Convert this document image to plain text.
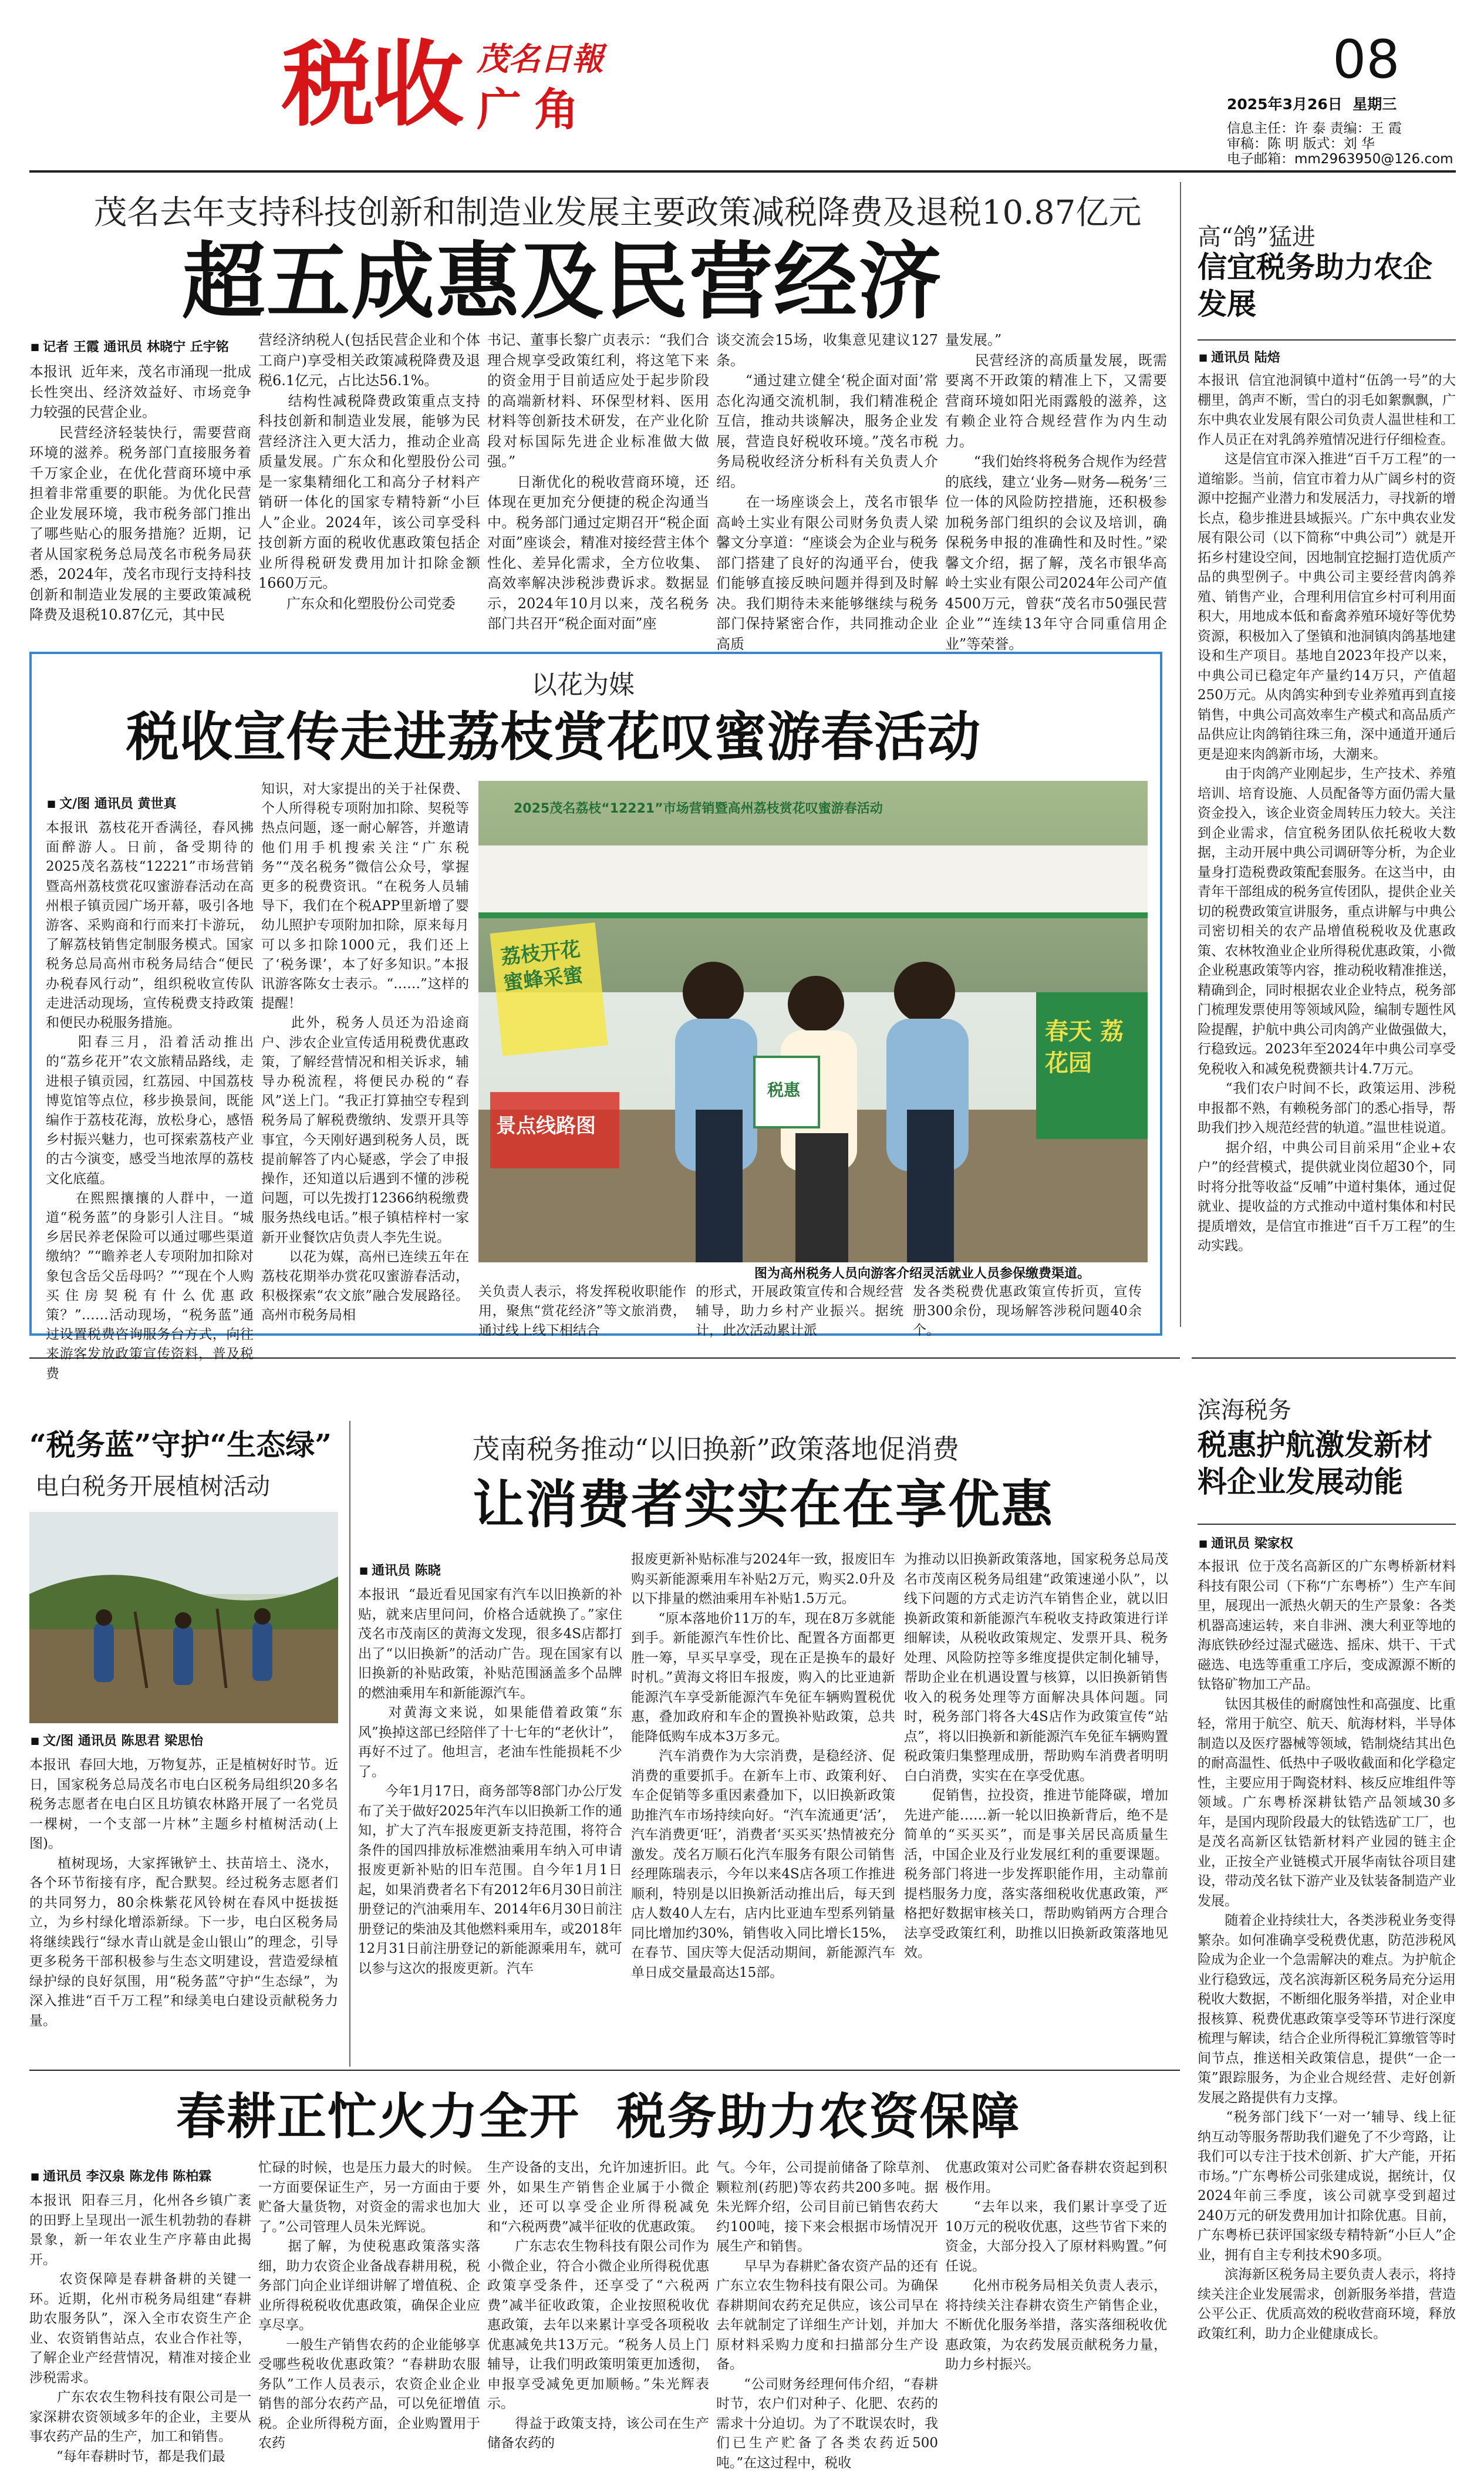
税收 茂名日報
广角
08
2025年3月26日 星期三
信息主任：许 泰 责编：王 霞
审稿：陈 明 版式：刘 华
电子邮箱：mm2963950@126.com
茂名去年支持科技创新和制造业发展主要政策减税降费及退税10.87亿元
超五成惠及民营经济
■ 记者 王霞 通讯员 林晓宁 丘宇铭
本报讯  近年来，茂名市涌现一批成长性突出、经济效益好、市场竞争力较强的民营企业。
　　民营经济轻装快行，需要营商环境的滋养。税务部门直接服务着千万家企业，在优化营商环境中承担着非常重要的职能。为优化民营企业发展环境，我市税务部门推出了哪些贴心的服务措施？近期，记者从国家税务总局茂名市税务局获悉，2024年，茂名市现行支持科技创新和制造业发展的主要政策减税降费及退税10.87亿元，其中民
营经济纳税人(包括民营企业和个体工商户)享受相关政策减税降费及退税6.1亿元，占比达56.1%。
　　结构性减税降费政策重点支持科技创新和制造业发展，能够为民营经济注入更大活力，推动企业高质量发展。广东众和化塑股份公司是一家集精细化工和高分子材料产销研一体化的国家专精特新“小巨人”企业。2024年，该公司享受科技创新方面的税收优惠政策包括企业所得税研发费用加计扣除金额1660万元。
　　广东众和化塑股份公司党委
书记、董事长黎广贞表示：“我们合理合规享受政策红利，将这笔下来的资金用于目前适应处于起步阶段的高端新材料、环保型材料、医用材料等创新技术研发，在产业化阶段对标国际先进企业标准做大做强。”
　　日渐优化的税收营商环境，还体现在更加充分便捷的税企沟通当中。税务部门通过定期召开“税企面对面”座谈会，精准对接经营主体个性化、差异化需求，全方位收集、高效率解决涉税涉费诉求。数据显示，2024年10月以来，茂名税务部门共召开“税企面对面”座
谈交流会15场，收集意见建议127条。
　　“通过建立健全‘税企面对面’常态化沟通交流机制，我们精准税企互信，推动共谈解决，服务企业发展，营造良好税收环境。”茂名市税务局税收经济分析科有关负责人介绍。
　　在一场座谈会上，茂名市银华高岭土实业有限公司财务负责人梁馨文分享道：“座谈会为企业与税务部门搭建了良好的沟通平台，使我们能够直接反映问题并得到及时解决。我们期待未来能够继续与税务部门保持紧密合作，共同推动企业高质
量发展。”
　　民营经济的高质量发展，既需要离不开政策的精准上下，又需要营商环境如阳光雨露般的滋养，这有赖企业符合规经营作为内生动力。
　　“我们始终将税务合规作为经营的底线，建立‘业务—财务—税务’三位一体的风险防控措施，还积极参加税务部门组织的会议及培训，确保税务申报的准确性和及时性。”梁馨文介绍，据了解，茂名市银华高岭土实业有限公司2024年公司产值4500万元，曾获“茂名市50强民营企业”“连续13年守合同重信用企业”等荣誉。
以花为媒
税收宣传走进荔枝赏花叹蜜游春活动
■ 文/图 通讯员 黄世真
本报讯  荔枝花开香满径，春风拂面醉游人。日前，备受期待的2025茂名荔枝“12221”市场营销暨高州荔枝赏花叹蜜游春活动在高州根子镇贡园广场开幕，吸引各地游客、采购商和行而来打卡游玩，了解荔枝销售定制服务模式。国家税务总局高州市税务局结合“便民办税春风行动”，组织税收宣传队走进活动现场，宣传税费支持政策和便民办税服务措施。
　　阳春三月，沿着活动推出的“荔乡花开”农文旅精品路线，走进根子镇贡园，红荔园、中国荔枝博览馆等点位，移步换景间，既能编作于荔枝花海，放松身心，感悟乡村振兴魅力，也可探索荔枝产业的古今演变，感受当地浓厚的荔枝文化底蕴。
　　在熙熙攘攘的人群中，一道道“税务蓝”的身影引人注目。“城乡居民养老保险可以通过哪些渠道缴纳？”“瞻养老人专项附加扣除对象包含岳父岳母吗？”“现在个人购买住房契税有什么优惠政策？”……活动现场，“税务蓝”通过设置税费咨询服务台方式，向往来游客发放政策宣传资料，普及税费
知识，对大家提出的关于社保费、个人所得税专项附加扣除、契税等热点问题，逐一耐心解答，并邀请他们用手机搜索关注“广东税务”“茂名税务”微信公众号，掌握更多的税费资讯。“在税务人员辅导下，我们在个税APP里新增了婴幼儿照护专项附加扣除，原来每月可以多扣除1000元，我们还上了‘税务课’，本了好多知识。”本报讯游客陈女士表示。“……”这样的提醒！
　　此外，税务人员还为沿途商户、涉农企业宣传适用税费优惠政策，了解经营情况和相关诉求，辅导办税流程，将便民办税的“春风”送上门。“我正打算抽空专程到税务局了解税费缴纳、发票开具等事宜，今天刚好遇到税务人员，既提前解答了内心疑惑，学会了申报操作，还知道以后遇到不懂的涉税问题，可以先拨打12366纳税缴费服务热线电话。”根子镇桔梓村一家新开业餐饮店负责人李先生说。
　　以花为媒，高州已连续五年在荔枝花期举办赏花叹蜜游春活动，积极探索“农文旅”融合发展路径。高州市税务局相
关负责人表示，将发挥税收职能作用，聚焦“赏花经济”等文旅消费，通过线上线下相结合
的形式，开展政策宣传和合规经营辅导，助力乡村产业振兴。据统计，此次活动累计派
发各类税费优惠政策宣传折页，宣传册300余份，现场解答涉税问题40余个。
2025茂名荔枝“12221”市场营销暨高州荔枝赏花叹蜜游春活动
荔枝开花 蜜蜂采蜜
春天 荔花园
景点线路图
税惠
图为高州税务人员向游客介绍灵活就业人员参保缴费渠道。
高“鸽”猛进
信宜税务助力农企发展
■ 通讯员 陆焙
本报讯  信宜池洞镇中道村“伍鸽一号”的大棚里，鸽声不断，雪白的羽毛如絮飘飘，广东中典农业发展有限公司负责人温世桂和工作人员正在对乳鸽养殖情况进行仔细检查。
　　这是信宜市深入推进“百千万工程”的一道缩影。当前，信宜市着力从广阔乡村的资源中挖掘产业潜力和发展活力，寻找新的增长点，稳步推进县域振兴。广东中典农业发展有限公司（以下简称“中典公司”）就是开拓乡村建设空间，因地制宜挖掘打造优质产品的典型例子。中典公司主要经营肉鸽养殖、销售产业，合理利用信宜乡村可利用面积大，用地成本低和畜禽养殖环境好等优势资源，积极加入了堡镇和池洞镇肉鸽基地建设和生产项目。基地自2023年投产以来，中典公司已稳定年产量约14万只，产值超250万元。从肉鸽实种到专业养殖再到直接销售，中典公司高效率生产模式和高品质产品供应让肉鸽销往珠三角，深中通道开通后更是迎来肉鸽新市场，大潮来。
　　由于肉鸽产业刚起步，生产技术、养殖培训、培育设施、人员配备等方面仍需大量资金投入，该企业资金周转压力较大。关注到企业需求，信宜税务团队依托税收大数据，主动开展中典公司调研等分析，为企业量身打造税费政策配套服务。在这当中，由青年干部组成的税务宣传团队，提供企业关切的税费政策宣讲服务，重点讲解与中典公司密切相关的农产品增值税税收及优惠政策、农林牧渔业企业所得税优惠政策，小微企业税惠政策等内容，推动税收精准推送，精确到企，同时根据农业企业特点，税务部门梳理发票使用等领域风险，编制专题性风险提醒，护航中典公司肉鸽产业做强做大，行稳致远。2023年至2024年中典公司享受免税收入和减免税费额共计4.7万元。
　　“我们农户时间不长，政策运用、涉税申报都不熟，有赖税务部门的悉心指导，帮助我们抄入规范经营的轨道。”温世桂说道。
　　据介绍，中典公司目前采用“企业+农户”的经营模式，提供就业岗位超30个，同时将分批等收益“反哺”中道村集体，通过促就业、提收益的方式推动中道村集体和村民提质增效，是信宜市推进“百千万工程”的生动实践。
“税务蓝”守护“生态绿”
电白税务开展植树活动
■ 文/图 通讯员 陈思君 梁思怡
本报讯  春回大地，万物复苏，正是植树好时节。近日，国家税务总局茂名市电白区税务局组织20多名税务志愿者在电白区且坊镇农林路开展了一名党员一棵树，一个支部一片林”主题乡村植树活动(上图)。
　　植树现场，大家挥锹铲土、扶苗培土、浇水，各个环节衔接有序，配合默契。经过税务志愿者们的共同努力，80余株紫花风铃树在春风中挺拔挺立，为乡村绿化增添新绿。下一步，电白区税务局将继续践行“绿水青山就是金山银山”的理念，引导更多税务干部积极参与生态文明建设，营造爱绿植绿护绿的良好氛围，用“税务蓝”守护“生态绿”，为深入推进“百千万工程”和绿美电白建设贡献税务力量。
茂南税务推动“以旧换新”政策落地促消费
让消费者实实在在享优惠
■ 通讯员 陈晓
本报讯  “最近看见国家有汽车以旧换新的补贴，就来店里问问，价格合适就换了。”家住茂名市茂南区的黄海文发现，很多4S店都打出了“以旧换新”的活动广告。现在国家有以旧换新的补贴政策，补贴范围涵盖多个品牌的燃油乘用车和新能源汽车。
　　对黄海文来说，如果能借着政策“东风”换掉这部已经陪伴了十七年的“老伙计”，再好不过了。他坦言，老油车性能损耗不少了。
　　今年1月17日，商务部等8部门办公厅发布了关于做好2025年汽车以旧换新工作的通知，扩大了汽车报废更新支持范围，将符合条件的国四排放标准燃油乘用车纳入可申请报废更新补贴的旧车范围。自今年1月1日起，如果消费者名下有2012年6月30日前注册登记的汽油乘用车、2014年6月30日前注册登记的柴油及其他燃料乘用车，或2018年12月31日前注册登记的新能源乘用车，就可以参与这次的报废更新。汽车
报废更新补贴标准与2024年一致，报废旧车购买新能源乘用车补贴2万元，购买2.0升及以下排量的燃油乘用车补贴1.5万元。
　　“原本落地价11万的车，现在8万多就能到手。新能源汽车性价比、配置各方面都更胜一筹，早买早享受，现在正是换车的最好时机。”黄海文将旧车报废，购入的比亚迪新能源汽车享受新能源汽车免征车辆购置税优惠，叠加政府和车企的置换补贴政策，总共能降低购车成本3万多元。
　　汽车消费作为大宗消费，是稳经济、促消费的重要抓手。在新车上市、政策利好、车企促销等多重因素叠加下，以旧换新政策助推汽车市场持续向好。“汽车流通更‘活’，汽车消费更‘旺’，消费者‘买买买’热情被充分激发。茂名万顺石化汽车服务有限公司销售经理陈瑞表示，今年以来4S店各项工作推进顺利，特别是以旧换新活动推出后，每天到店人数40人左右，店内比亚迪车型系列销量同比增加约30%，销售收入同比增长15%，在春节、国庆等大促活动期间，新能源汽车单日成交量最高达15部。
为推动以旧换新政策落地，国家税务总局茂名市茂南区税务局组建“政策速递小队”，以线下问题的方式走访汽车销售企业，就以旧换新政策和新能源汽车税收支持政策进行详细解读，从税收政策规定、发票开具、税务处理、风险防控等多维度提供定制化辅导，帮助企业在机遇设置与核算，以旧换新销售收入的税务处理等方面解决具体问题。同时，税务部门将各大4S店作为政策宣传“站点”，将以旧换新和新能源汽车免征车辆购置税政策归集整理成册，帮助购车消费者明明白白消费，实实在在享受优惠。
　　促销售，拉投资，推进节能降碳，增加先进产能……新一轮以旧换新背后，绝不是简单的“买买买”，而是事关居民高质量生活，中国企业及行业发展红利的重要课题。税务部门将进一步发挥职能作用，主动靠前提档服务力度，落实落细税收优惠政策，严格把好数据审核关口，帮助购销两方合理合法享受政策红利，助推以旧换新政策落地见效。
滨海税务
税惠护航激发新材料企业发展动能
■ 通讯员 梁家权
本报讯  位于茂名高新区的广东粤桥新材料科技有限公司（下称“广东粤桥”）生产车间里，展现出一派热火朝天的生产景象：各类机器高速运转，来自非洲、澳大利亚等地的海底铁砂经过湿式磁选、摇床、烘干、干式磁选、电选等重重工序后，变成源源不断的钛铬矿物加工产品。
　　钛因其极佳的耐腐蚀性和高强度、比重轻，常用于航空、航天、航海材料，半导体制造以及医疗器械等领域，锆制烧结其出色的耐高温性、低热中子吸收截面和化学稳定性，主要应用于陶瓷材料、核反应堆组件等领域。广东粤桥深耕钛锆产品领域30多年，是国内现阶段最大的钛锆选矿工厂，也是茂名高新区钛锆新材料产业园的链主企业，正按全产业链模式开展华南钛谷项目建设，带动茂名钛下游产业及钛装备制造产业发展。
　　随着企业持续壮大，各类涉税业务变得繁杂。如何准确享受税费优惠，防范涉税风险成为企业一个急需解决的难点。为护航企业行稳致远，茂名滨海新区税务局充分运用税收大数据，不断细化服务举措，对企业申报核算、税费优惠政策享受等环节进行深度梳理与解读，结合企业所得税汇算缴管等时间节点，推送相关政策信息，提供“一企一策”跟踪服务，为企业合规经营、走好创新发展之路提供有力支撑。
　　“税务部门线下‘一对一’辅导、线上征纳互动等服务帮助我们避免了不少弯路，让我们可以专注于技术创新、扩大产能，开拓市场。”广东粤桥公司张建成说，据统计，仅2024年前三季度，该公司就享受到超过240万元的研发费用加计扣除优惠。目前，广东粤桥已获评国家级专精特新“小巨人”企业，拥有自主专利技术90多项。
　　滨海新区税务局主要负责人表示，将持续关注企业发展需求，创新服务举措，营造公平公正、优质高效的税收营商环境，释放政策红利，助力企业健康成长。
春耕正忙火力全开  税务助力农资保障
■ 通讯员 李汉泉 陈龙伟 陈柏霖
本报讯  阳春三月，化州各乡镇广袤的田野上呈现出一派生机勃勃的春耕景象，新一年农业生产序幕由此揭开。
　　农资保障是春耕备耕的关键一环。近期，化州市税务局组建“春耕助农服务队”，深入全市农资生产企业、农资销售站点，农业合作社等，了解企业产经营情况，精准对接企业涉税需求。
　　广东农农生物科技有限公司是一家深耕农资领域多年的企业，主要从事农药产品的生产，加工和销售。
　　“每年春耕时节，都是我们最
忙碌的时候，也是压力最大的时候。一方面要保证生产，另一方面由于要贮备大量货物，对资金的需求也加大了。”公司管理人员朱光辉说。
　　据了解，为使税惠政策落实落细，助力农资企业备战春耕用税，税务部门向企业详细讲解了增值税、企业所得税税收优惠政策，确保企业应享尽享。
　　一般生产销售农药的企业能够享受哪些税收优惠政策？“春耕助农服务队”工作人员表示，农资企业企业销售的部分农药产品，可以免征增值税。企业所得税方面，企业购置用于农药
生产设备的支出，允许加速折旧。此外，如果生产销售企业属于小微企业，还可以享受企业所得税减免和“六税两费”减半征收的优惠政策。
　　广东志农生物科技有限公司作为小微企业，符合小微企业所得税优惠政策享受条件，还享受了“六税两费”减半征收政策，企业按照税收优惠政策，去年以来累计享受各项税收优惠减免共13万元。“税务人员上门辅导，让我们明政策明策更加透彻，申报享受减免更加顺畅。”朱光辉表示。
　　得益于政策支持，该公司在生产储备农药的
气。今年，公司提前储备了除草剂、颗粒剂(药肥)等农药共200多吨。据朱光辉介绍，公司目前已销售农药大约100吨，接下来会根据市场情况开展生产和销售。
　　早早为春耕贮备农资产品的还有广东立农生物科技有限公司。为确保春耕期间农药充足供应，该公司早在去年就制定了详细生产计划，并加大原材料采购力度和扫描部分生产设备。
　　“公司财务经理何伟介绍，“春耕时节，农户们对种子、化肥、农药的需求十分迫切。为了不耽误农时，我们已生产贮备了各类农药近500吨。”在这过程中，税收
优惠政策对公司贮备春耕农资起到积极作用。
　　“去年以来，我们累计享受了近10万元的税收优惠，这些节省下来的资金，大部分投入了原材料购置。”何任说。
　　化州市税务局相关负责人表示，将持续关注春耕农资生产销售企业，不断优化服务举措，落实落细税收优惠政策，为农药发展贡献税务力量，助力乡村振兴。
